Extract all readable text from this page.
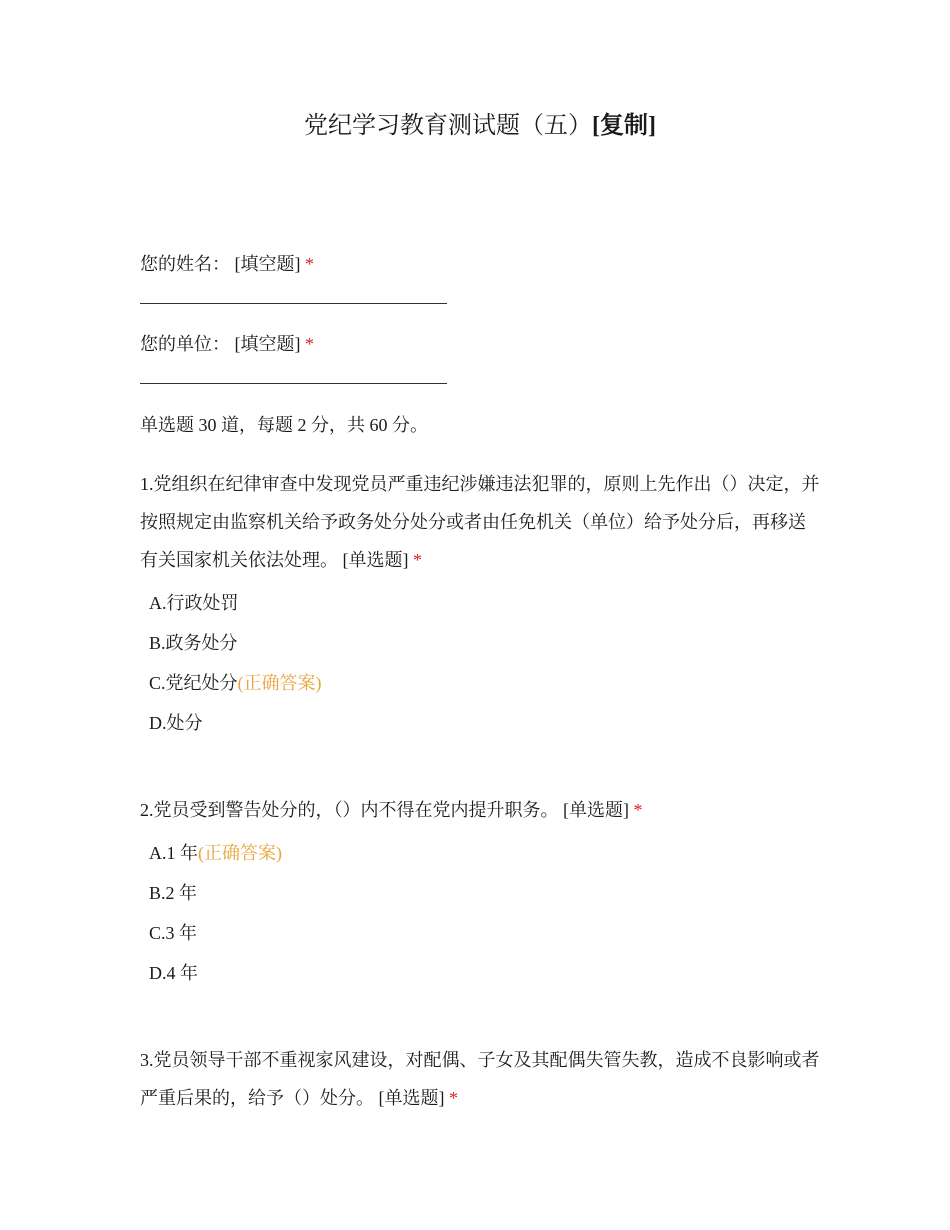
党纪学习教育测试题（五）[复制]
您的姓名： [填空题] *
您的单位： [填空题] *
单选题 30 道，每题 2 分，共 60 分。
1.党组织在纪律审查中发现党员严重违纪涉嫌违法犯罪的，原则上先作出（）决定，并按照规定由监察机关给予政务处分处分或者由任免机关（单位）给予处分后，再移送有关国家机关依法处理。 [单选题] *
A.行政处罚
B.政务处分
C.党纪处分(正确答案)
D.处分
2.党员受到警告处分的，（）内不得在党内提升职务。 [单选题] *
A.1 年(正确答案)
B.2 年
C.3 年
D.4 年
3.党员领导干部不重视家风建设，对配偶、子女及其配偶失管失教，造成不良影响或者严重后果的，给予（）处分。 [单选题] *
